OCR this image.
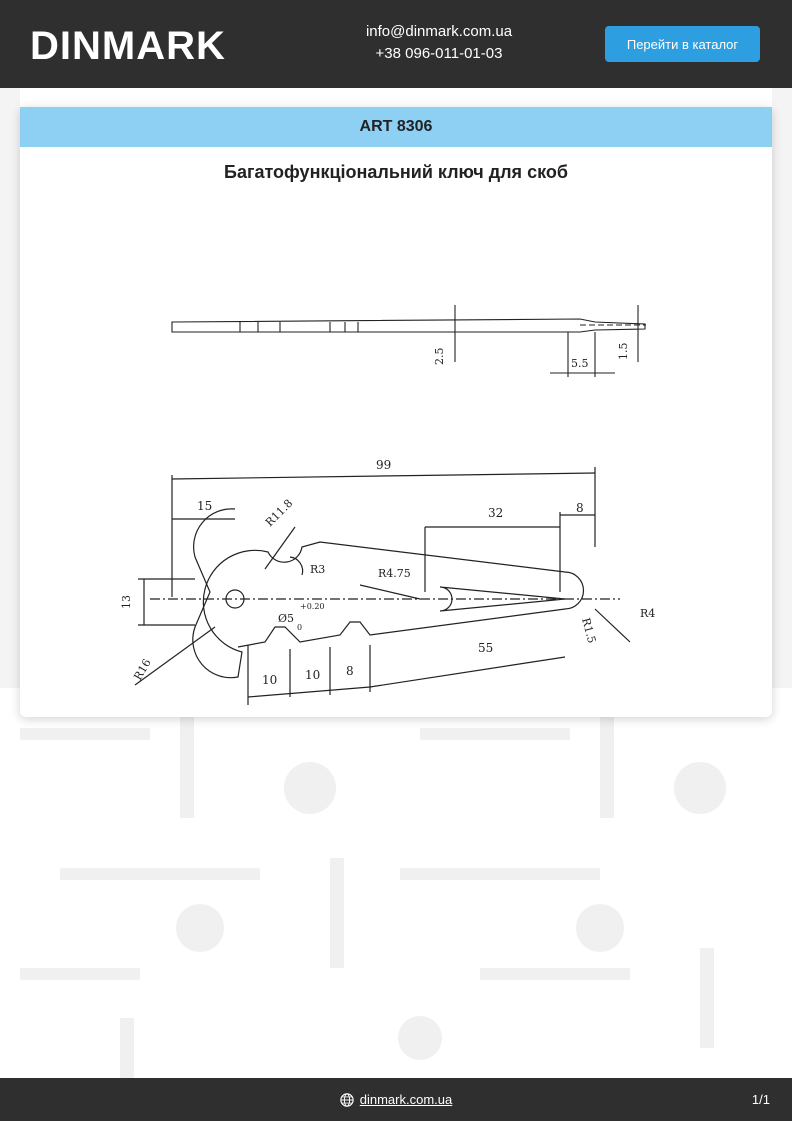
DINMARK	info@dinmark.com.ua
+38 096-011-01-03
Перейти в каталог
ART 8306
Багатофункціональний ключ для скоб
2.5	5.5
1.5
99
15	R11.8	32	8
R3	R4.75
13
Ø5
+0.20
0	R1.5
R4
R16
55
10 10 8
dinmark.com.ua	1/1
